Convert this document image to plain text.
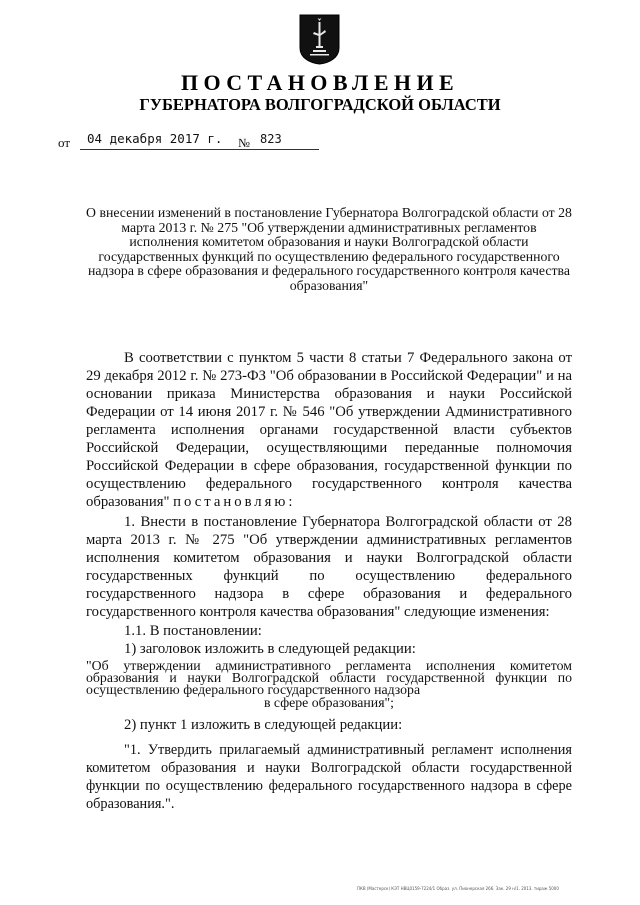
ПОСТАНОВЛЕНИЕ
ГУБЕРНАТОРА ВОЛГОГРАДСКОЙ ОБЛАСТИ
от 04 декабря 2017 г. № 823
О внесении изменений в постановление Губернатора Волгоградской области от 28 марта 2013 г. № 275 "Об утверждении административных регламентов исполнения комитетом образования и науки Волгоградской области государственных функций по осуществлению федерального государственного надзора в сфере образования и федерального государственного контроля качества образования"

В соответствии с пунктом 5 части 8 статьи 7 Федерального закона от 29 декабря 2012 г. № 273-ФЗ "Об образовании в Российской Федерации" и на основании приказа Министерства образования и науки Российской Федерации от 14 июня 2017 г. № 546 "Об утверждении Административного регламента исполнения органами государственной власти субъектов Российской Федерации, осуществляющими переданные полномочия Российской Федерации в сфере образования, государственной функции по осуществлению федерального государственного контроля качества образования" постановляю:

1. Внести в постановление Губернатора Волгоградской области от 28 марта 2013 г. № 275 "Об утверждении административных регламентов исполнения комитетом образования и науки Волгоградской области государственных функций по осуществлению федерального государственного надзора в сфере образования и федерального государственного контроля качества образования" следующие изменения:

1.1. В постановлении:

1) заголовок изложить в следующей редакции:

"Об утверждении административного регламента исполнения комитетом образования и науки Волгоградской области государственной функции по осуществлению федерального государственного надзора
в сфере образования";

2) пункт 1 изложить в следующей редакции:

"1. Утвердить прилагаемый административный регламент исполнения комитетом образования и науки Волгоградской области государственной функции по осуществлению федерального государственного надзора в сфере образования.".

ПКВ (Мастерск) КЭТ НВЦ0159-7224/1 Образ. ул. Пионерская 266. Зак. 29 н/1. 2013. тираж 5000
